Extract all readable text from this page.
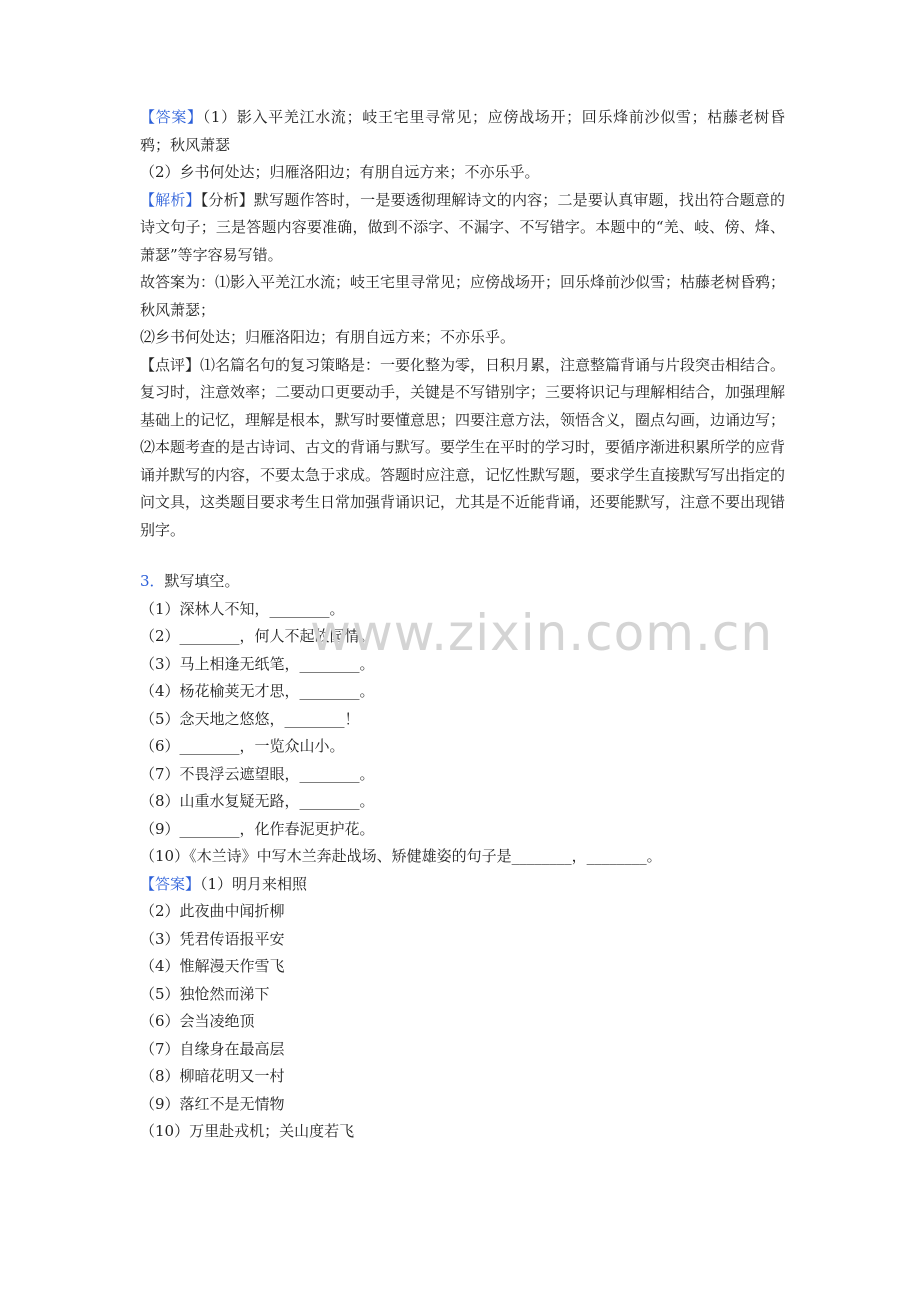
【答案】（1）影入平羌江水流；岐王宅里寻常见；应傍战场开；回乐烽前沙似雪；枯藤老树昏鸦；秋风萧瑟

（2）乡书何处达；归雁洛阳边；有朋自远方来；不亦乐乎。

【解析】【分析】默写题作答时，一是要透彻理解诗文的内容；二是要认真审题，找出符合题意的诗文句子；三是答题内容要准确，做到不添字、不漏字、不写错字。本题中的“羌、岐、傍、烽、萧瑟”等字容易写错。

故答案为：⑴影入平羌江水流；岐王宅里寻常见；应傍战场开；回乐烽前沙似雪；枯藤老树昏鸦；秋风萧瑟；

⑵乡书何处达；归雁洛阳边；有朋自远方来；不亦乐乎。

【点评】⑴名篇名句的复习策略是：一要化整为零，日积月累，注意整篇背诵与片段突击相结合。复习时，注意效率；二要动口更要动手，关键是不写错别字；三要将识记与理解相结合，加强理解基础上的记忆，理解是根本，默写时要懂意思；四要注意方法，领悟含义，圈点勾画，边诵边写；

⑵本题考查的是古诗词、古文的背诵与默写。要学生在平时的学习时，要循序渐进积累所学的应背诵并默写的内容，不要太急于求成。答题时应注意，记忆性默写题，要求学生直接默写写出指定的问文具，这类题目要求考生日常加强背诵识记，尤其是不近能背诵，还要能默写，注意不要出现错别字。

3．默写填空。

（1）深林人不知，________。

（2）________，何人不起故园情。

（3）马上相逢无纸笔，________。

（4）杨花榆荚无才思，________。

（5）念天地之悠悠，________！

（6）________，一览众山小。

（7）不畏浮云遮望眼，________。

（8）山重水复疑无路，________。

（9）________，化作春泥更护花。

（10）《木兰诗》中写木兰奔赴战场、矫健雄姿的句子是________，________。

【答案】（1）明月来相照

（2）此夜曲中闻折柳

（3）凭君传语报平安

（4）惟解漫天作雪飞

（5）独怆然而涕下

（6）会当凌绝顶

（7）自缘身在最高层

（8）柳暗花明又一村

（9）落红不是无情物

（10）万里赴戎机；关山度若飞

www.zixin.com.cn
